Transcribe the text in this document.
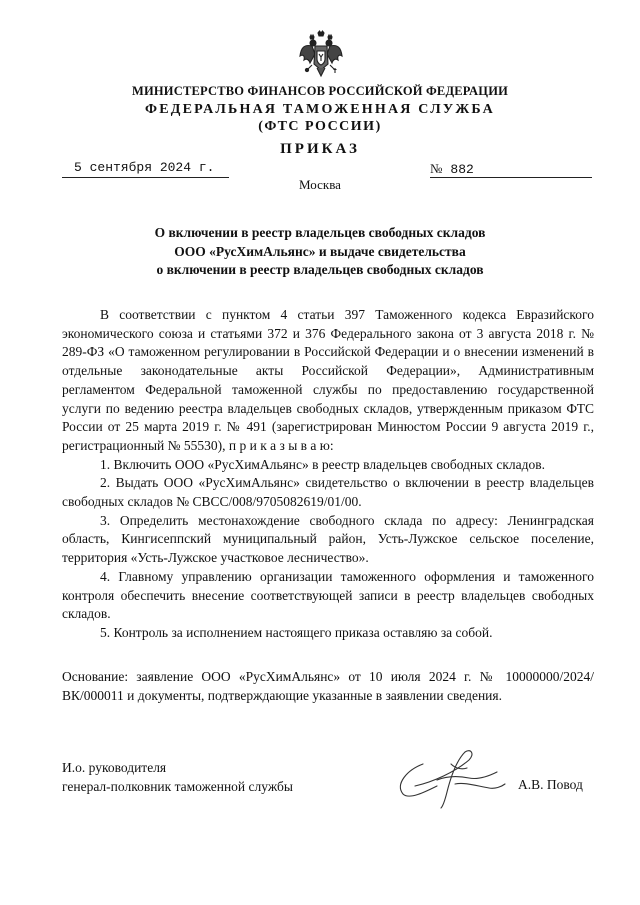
МИНИСТЕРСТВО ФИНАНСОВ РОССИЙСКОЙ ФЕДЕРАЦИИ
ФЕДЕРАЛЬНАЯ ТАМОЖЕННАЯ СЛУЖБА
(ФТС РОССИИ)
ПРИКАЗ
5 сентября 2024 г.	№ 882
Москва
О включении в реестр владельцев свободных складов
ООО «РусХимАльянс» и выдаче свидетельства
о включении в реестр владельцев свободных складов

В соответствии с пунктом 4 статьи 397 Таможенного кодекса Евразийского экономического союза и статьями 372 и 376 Федерального закона от 3 августа 2018 г. № 289-ФЗ «О таможенном регулировании в Российской Федерации и о внесении изменений в отдельные законодательные акты Российской Федерации», Административным регламентом Федеральной таможенной службы по предоставлению государственной услуги по ведению реестра владельцев свободных складов, утвержденным приказом ФТС России от 25 марта 2019 г. № 491 (зарегистрирован Минюстом России 9 августа 2019 г., регистрационный № 55530), п р и к а з ы в а ю:

1. Включить ООО «РусХимАльянс» в реестр владельцев свободных складов.

2. Выдать ООО «РусХимАльянс» свидетельство о включении в реестр владельцев свободных складов № СВСС/008/9705082619/01/00.

3. Определить местонахождение свободного склада по адресу: Ленинградская область, Кингисеппский муниципальный район, Усть-Лужское сельское поселение, территория «Усть-Лужское участковое лесничество».

4. Главному управлению организации таможенного оформления и таможенного контроля обеспечить внесение соответствующей записи в реестр владельцев свободных складов.

5. Контроль за исполнением настоящего приказа оставляю за собой.

Основание: заявление ООО «РусХимАльянс» от 10 июля 2024 г. № 10000000/2024/ВК/000011 и документы, подтверждающие указанные в заявлении сведения.
И.о. руководителя
генерал-полковник таможенной службы	А.В. Повод
